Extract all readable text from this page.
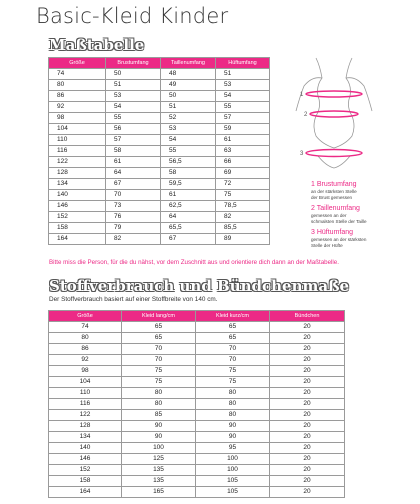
Basic-Kleid Kinder
Maßtabelle
Größe	Brustumfang	Taillenumfang	Hüftumfang
74	50	48	51
80	51	49	53
86	53	50	54
92	54	51	55
98	55	52	57
104	56	53	59
110	57	54	61
116	58	55	63
122	61	56,5	66
128	64	58	69
134	67	59,5	72
140	70	61	75
146	73	62,5	78,5
152	76	64	82
158	79	65,5	85,5
164	82	67	89
1
2
3
1 Brustumfang
an der stärksten Stelle
der Brust gemessen
2 Taillenumfang
gemessen an der
schmalsten Stelle der Taille
3 Hüftumfang
gemessen an der stärksten
Stelle der Hüfte
Bitte miss die Person, für die du nähst, vor dem Zuschnitt aus und orientiere dich dann an der Maßtabelle.
Stoffverbrauch und Bündchenmaße
Der Stoffverbrauch basiert auf einer Stoffbreite von 140 cm.
Größe	Kleid lang/cm	Kleid kurz/cm	Bündchen
74	65	65	20
80	65	65	20
86	70	70	20
92	70	70	20
98	75	75	20
104	75	75	20
110	80	80	20
116	80	80	20
122	85	80	20
128	90	90	20
134	90	90	20
140	100	95	20
146	125	100	20
152	135	100	20
158	135	105	20
164	165	105	20
